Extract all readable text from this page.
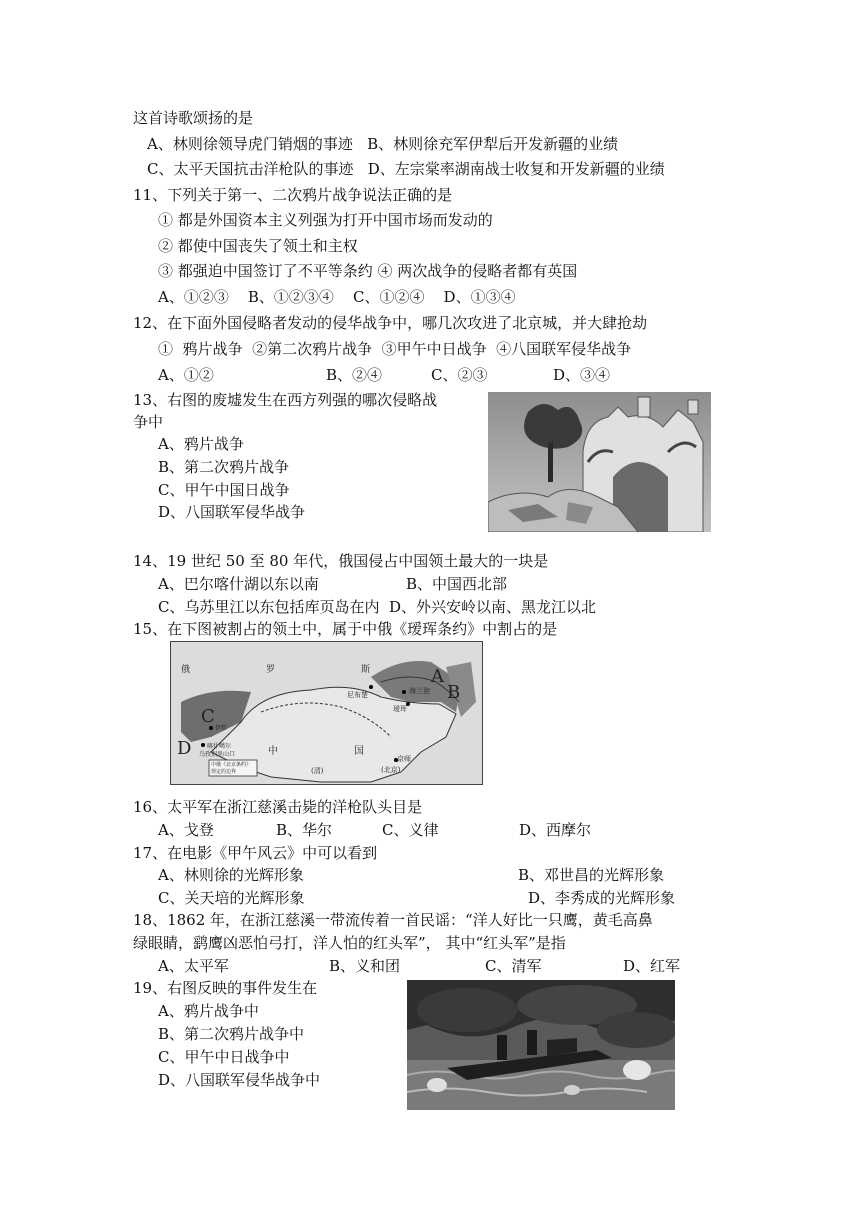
这首诗歌颂扬的是
A、林则徐领导虎门销烟的事迹   B、林则徐充军伊犁后开发新疆的业绩
C、太平天国抗击洋枪队的事迹   D、左宗棠率湖南战士收复和开发新疆的业绩
11、下列关于第一、二次鸦片战争说法正确的是
① 都是外国资本主义列强为打开中国市场而发动的
② 都使中国丧失了领土和主权
③ 都强迫中国签订了不平等条约 ④ 两次战争的侵略者都有英国
A、①②③    B、①②③④    C、①②④    D、①③④
12、在下面外国侵略者发动的侵华战争中，哪几次攻进了北京城，并大肆抢劫
①  鸦片战争  ②第二次鸦片战争  ③甲午中日战争  ④八国联军侵华战争
A、①②	B、②④	C、②③	D、③④
13、右图的废墟发生在西方列强的哪次侵略战
争中
A、鸦片战争
B、第二次鸦片战争
C、甲午中国日战争
D、八国联军侵华战争
14、19 世纪 50 至 80 年代，俄国侵占中国领土最大的一块是
A、巴尔喀什湖以东以南	B、中国西北部
C、乌苏里江以东包括库页岛在内  D、外兴安岭以南、黑龙江以北
15、在下图被割占的领土中，属于中俄《瑷珲条约》中割占的是
16、太平军在浙江慈溪击毙的洋枪队头目是
A、戈登	B、华尔	C、义律	D、西摩尔
17、在电影《甲午风云》中可以看到
A、林则徐的光辉形象	B、邓世昌的光辉形象
C、关天培的光辉形象	D、李秀成的光辉形象
18、1862 年，在浙江慈溪一带流传着一首民谣：“洋人好比一只鹰，黄毛高鼻
绿眼睛，鹞鹰凶恶怕弓打，洋人怕的红头军”， 其中“红头军”是指
A、太平军	B、义和团	C、清军	D、红军
19、右图反映的事件发生在
A、鸦片战争中
B、第二次鸦片战争中
C、甲午中日战争中
D、八国联军侵华战争中
俄	罗	斯	A
B
C
D
尼布楚	海兰泡
瑷珲
中	国
(清)
京师
(北京)
喀什噶尔
伊犁
乌孜别里山口
中俄《北京条约》
规定的边界
